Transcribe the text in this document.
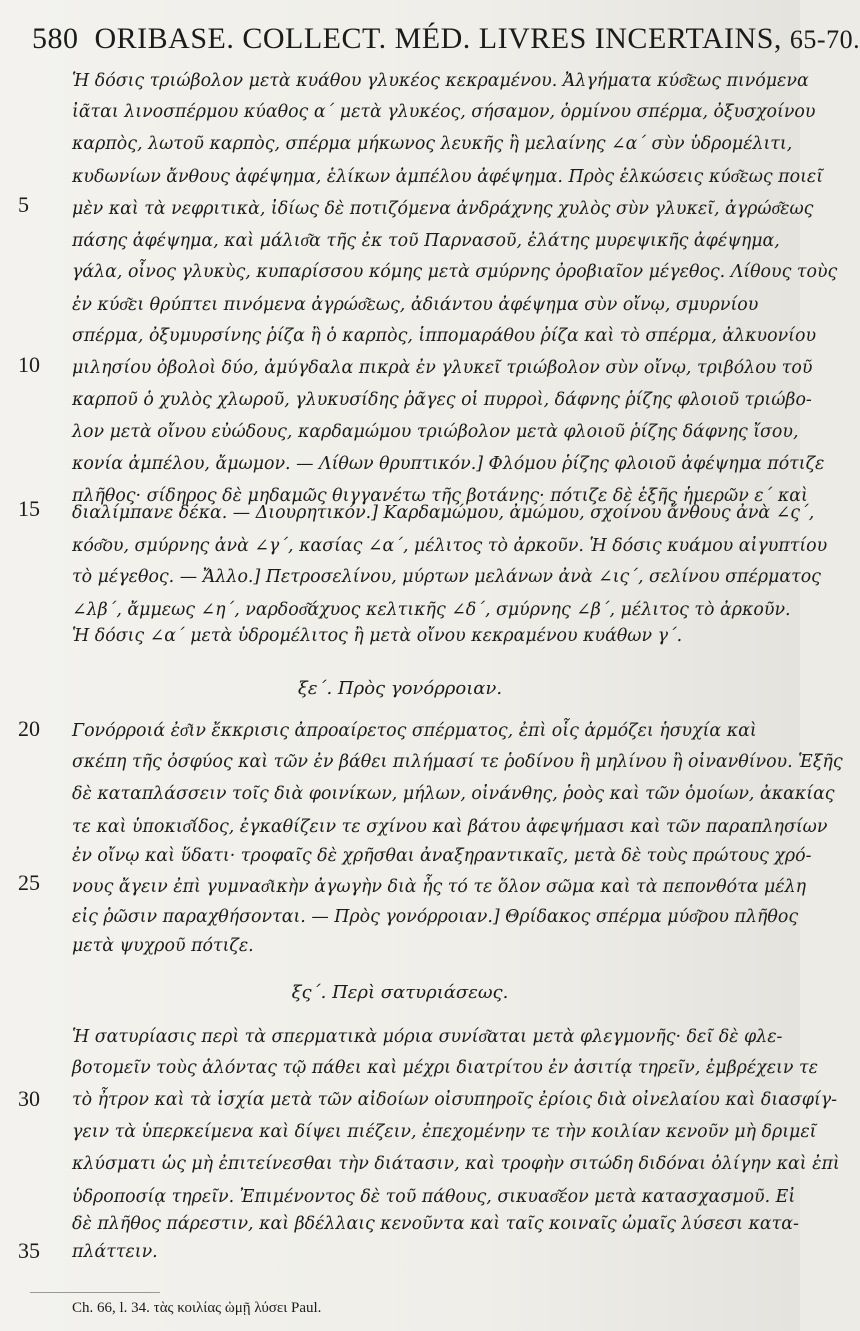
580 ORIBASE. COLLECT. MÉD. LIVRES INCERTAINS, 65-70.
5
10
15
20
25
30
35
Ἡ δόσις τριώβολον μετὰ κυάθου γλυκέος κεκραμένου. Ἀλγήματα κύσ͂εως πινόμενα
ἰᾶται λινοσπέρμου κύαθος α΄ μετὰ γλυκέος, σήσαμον, ὁρμίνου σπέρμα, ὀξυσχοίνου
καρπὸς, λωτοῦ καρπὸς, σπέρμα μήκωνος λευκῆς ἢ μελαίνης ∠α΄ σὺν ὑδρομέλιτι,
κυδωνίων ἄνθους ἀφέψημα, ἑλίκων ἀμπέλου ἀφέψημα. Πρὸς ἑλκώσεις κύσ͂εως ποιεῖ
μὲν καὶ τὰ νεφριτικὰ, ἰδίως δὲ ποτιζόμενα ἀνδράχνης χυλὸς σὺν γλυκεῖ, ἀγρώσ͂εως
πάσης ἀφέψημα, καὶ μάλισ͂α τῆς ἐκ τοῦ Παρνασοῦ, ἐλάτης μυρεψικῆς ἀφέψημα,
γάλα, οἶνος γλυκὺς, κυπαρίσσου κόμης μετὰ σμύρνης ὀροβιαῖον μέγεθος. Λίθους τοὺς
ἐν κύσ͂ει θρύπτει πινόμενα ἀγρώσ͂εως, ἀδιάντου ἀφέψημα σὺν οἴνῳ, σμυρνίου
σπέρμα, ὀξυμυρσίνης ῥίζα ἢ ὁ καρπὸς, ἱππομαράθου ῥίζα καὶ τὸ σπέρμα, ἀλκυονίου
μιλησίου ὀβολοὶ δύο, ἀμύγδαλα πικρὰ ἐν γλυκεῖ τριώβολον σὺν οἴνῳ, τριβόλου τοῦ
καρποῦ ὁ χυλὸς χλωροῦ, γλυκυσίδης ῥᾶγες οἱ πυρροὶ, δάφνης ῥίζης φλοιοῦ τριώβο-
λον μετὰ οἴνου εὐώδους, καρδαμώμου τριώβολον μετὰ φλοιοῦ ῥίζης δάφνης ἴσου,
κονία ἀμπέλου, ἄμωμον. — Λίθων θρυπτικόν.] Φλόμου ῥίζης φλοιοῦ ἀφέψημα πότιζε
πλῆθος· σίδηρος δὲ μηδαμῶς θιγγανέτω τῆς βοτάνης· πότιζε δὲ ἑξῆς ἡμερῶν ε΄ καὶ
διαλίμπανε δέκα. — Διουρητικόν.] Καρδαμώμου, ἀμώμου, σχοίνου ἄνθους ἀνὰ ∠ς΄,
κόσ͂ου, σμύρνης ἀνὰ ∠γ΄, κασίας ∠α΄, μέλιτος τὸ ἀρκοῦν. Ἡ δόσις κυάμου αἰγυπτίου
τὸ μέγεθος. — Ἄλλο.] Πετροσελίνου, μύρτων μελάνων ἀνὰ ∠ις΄, σελίνου σπέρματος
∠λβ΄, ἄμμεως ∠η΄, ναρδοσ͂άχυος κελτικῆς ∠δ΄, σμύρνης ∠β΄, μέλιτος τὸ ἀρκοῦν.
Ἡ δόσις ∠α΄ μετὰ ὑδρομέλιτος ἢ μετὰ οἴνου κεκραμένου κυάθων γ΄.
ξε΄. Πρὸς γονόρροιαν.
Γονόρροιά ἐσ͂ιν ἔκκρισις ἀπροαίρετος σπέρματος, ἐπὶ οἷς ἁρμόζει ἡσυχία καὶ
σκέπη τῆς ὀσφύος καὶ τῶν ἐν βάθει πιλήμασί τε ῥοδίνου ἢ μηλίνου ἢ οἰνανθίνου. Ἑξῆς
δὲ καταπλάσσειν τοῖς διὰ φοινίκων, μήλων, οἰνάνθης, ῥοὸς καὶ τῶν ὁμοίων, ἀκακίας
τε καὶ ὑποκισ͂ίδος, ἐγκαθίζειν τε σχίνου καὶ βάτου ἀφεψήμασι καὶ τῶν παραπλησίων
ἐν οἴνῳ καὶ ὕδατι· τροφαῖς δὲ χρῆσθαι ἀναξηραντικαῖς, μετὰ δὲ τοὺς πρώτους χρό-
νους ἄγειν ἐπὶ γυμνασ͂ικὴν ἀγωγὴν διὰ ἧς τό τε ὅλον σῶμα καὶ τὰ πεπονθότα μέλη
εἰς ῥῶσιν παραχθήσονται. — Πρὸς γονόρροιαν.] Θρίδακος σπέρμα μύσ͂ρου πλῆθος
μετὰ ψυχροῦ πότιζε.
ξς΄. Περὶ σατυριάσεως.
Ἡ σατυρίασις περὶ τὰ σπερματικὰ μόρια συνίσ͂αται μετὰ φλεγμονῆς· δεῖ δὲ φλε-
βοτομεῖν τοὺς ἁλόντας τῷ πάθει καὶ μέχρι διατρίτου ἐν ἀσιτίᾳ τηρεῖν, ἐμβρέχειν τε
τὸ ἦτρον καὶ τὰ ἰσχία μετὰ τῶν αἰδοίων οἰσυπηροῖς ἐρίοις διὰ οἰνελαίου καὶ διασφίγ-
γειν τὰ ὑπερκείμενα καὶ δίψει πιέζειν, ἐπεχομένην τε τὴν κοιλίαν κενοῦν μὴ δριμεῖ
κλύσματι ὡς μὴ ἐπιτείνεσθαι τὴν διάτασιν, καὶ τροφὴν σιτώδη διδόναι ὀλίγην καὶ ἐπὶ
ὑδροποσίᾳ τηρεῖν. Ἐπιμένοντος δὲ τοῦ πάθους, σικυασ͂έον μετὰ κατασχασμοῦ. Εἰ
δὲ πλῆθος πάρεστιν, καὶ βδέλλαις κενοῦντα καὶ ταῖς κοιναῖς ὠμαῖς λύσεσι κατα-
πλάττειν.
Ch. 66, l. 34. τὰς κοιλίας ὠμῇ λύσει Paul.
